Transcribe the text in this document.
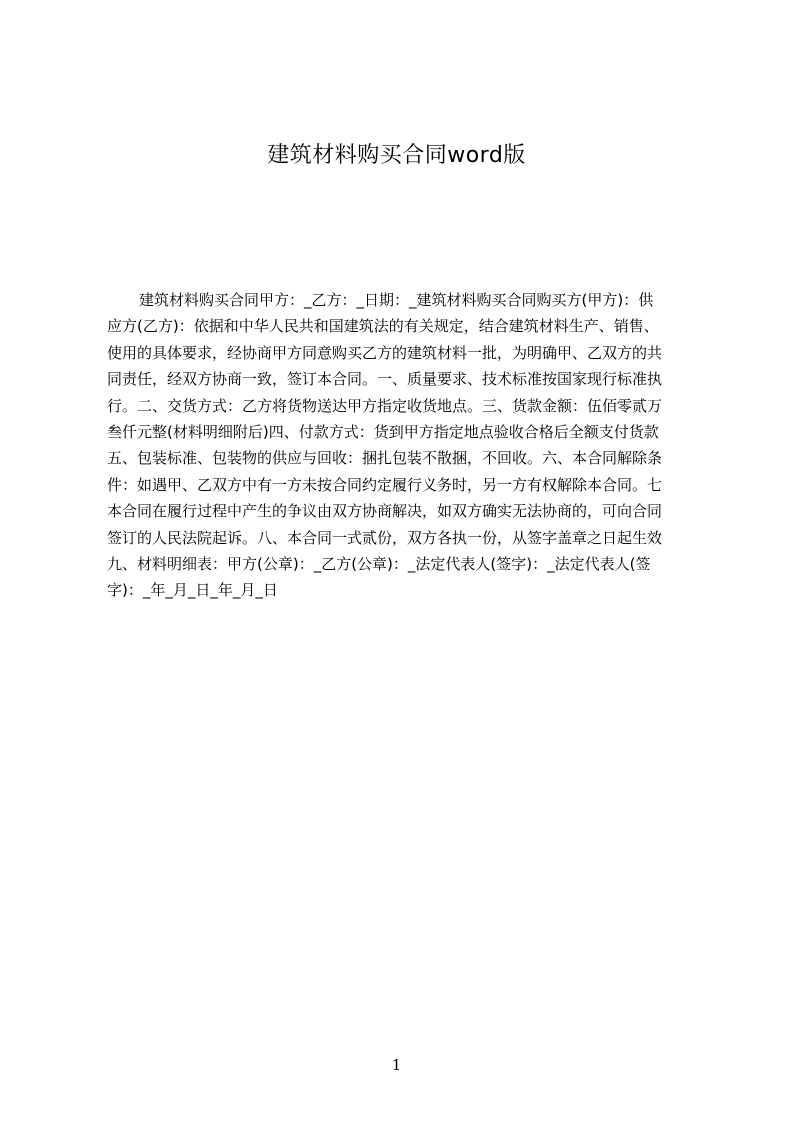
建筑材料购买合同word版
建筑材料购买合同甲方：_乙方：_日期：_建筑材料购买合同购买方(甲方)：供
应方(乙方)：依据和中华人民共和国建筑法的有关规定，结合建筑材料生产、销售、
使用的具体要求，经协商甲方同意购买乙方的建筑材料一批，为明确甲、乙双方的共
同责任，经双方协商一致，签订本合同。一、质量要求、技术标准按国家现行标准执
行。二、交货方式：乙方将货物送达甲方指定收货地点。三、货款金额：伍佰零贰万
叁仟元整(材料明细附后)四、付款方式：货到甲方指定地点验收合格后全额支付货款
五、包装标准、包装物的供应与回收：捆扎包装不散捆，不回收。六、本合同解除条
件：如遇甲、乙双方中有一方未按合同约定履行义务时，另一方有权解除本合同。七
本合同在履行过程中产生的争议由双方协商解决，如双方确实无法协商的，可向合同
签订的人民法院起诉。八、本合同一式贰份，双方各执一份，从签字盖章之日起生效
九、材料明细表：甲方(公章)：_乙方(公章)：_法定代表人(签字)：_法定代表人(签
字)：_年_月_日_年_月_日
1
